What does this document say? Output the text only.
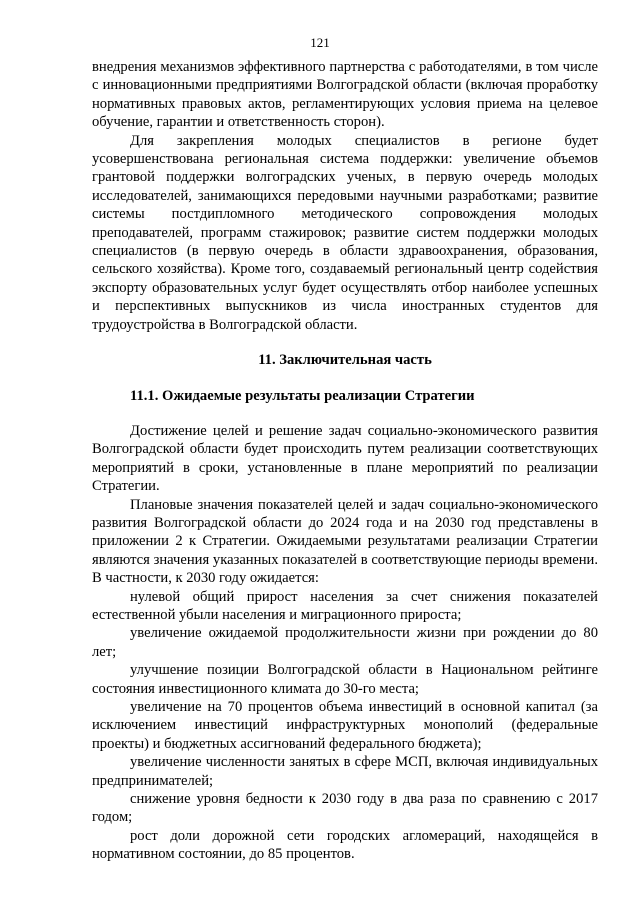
121

внедрения механизмов эффективного партнерства с работодателями, в том числе с инновационными предприятиями Волгоградской области (включая проработку нормативных правовых актов, регламентирующих условия приема на целевое обучение, гарантии и ответственность сторон).

Для закрепления молодых специалистов в регионе будет усовершенствована региональная система поддержки: увеличение объемов грантовой поддержки волгоградских ученых, в первую очередь молодых исследователей, занимающихся передовыми научными разработками; развитие системы постдипломного методического сопровождения молодых преподавателей, программ стажировок; развитие систем поддержки молодых специалистов (в первую очередь в области здравоохранения, образования, сельского хозяйства). Кроме того, создаваемый региональный центр содействия экспорту образовательных услуг будет осуществлять отбор наиболее успешных и перспективных выпускников из числа иностранных студентов для трудоустройства в Волгоградской области.

11. Заключительная часть

11.1. Ожидаемые результаты реализации Стратегии

Достижение целей и решение задач социально-экономического развития Волгоградской области будет происходить путем реализации соответствующих мероприятий в сроки, установленные в плане мероприятий по реализации Стратегии.

Плановые значения показателей целей и задач социально-экономического развития Волгоградской области до 2024 года и на 2030 год представлены в приложении 2 к Стратегии. Ожидаемыми результатами реализации Стратегии являются значения указанных показателей в соответствующие периоды времени. В частности, к 2030 году ожидается:

нулевой общий прирост населения за счет снижения показателей естественной убыли населения и миграционного прироста;

увеличение ожидаемой продолжительности жизни при рождении до 80 лет;

улучшение позиции Волгоградской области в Национальном рейтинге состояния инвестиционного климата до 30-го места;

увеличение на 70 процентов объема инвестиций в основной капитал (за исключением инвестиций инфраструктурных монополий (федеральные проекты) и бюджетных ассигнований федерального бюджета);

увеличение численности занятых в сфере МСП, включая индивидуальных предпринимателей;

снижение уровня бедности к 2030 году в два раза по сравнению с 2017 годом;

рост доли дорожной сети городских агломераций, находящейся в нормативном состоянии, до 85 процентов.
